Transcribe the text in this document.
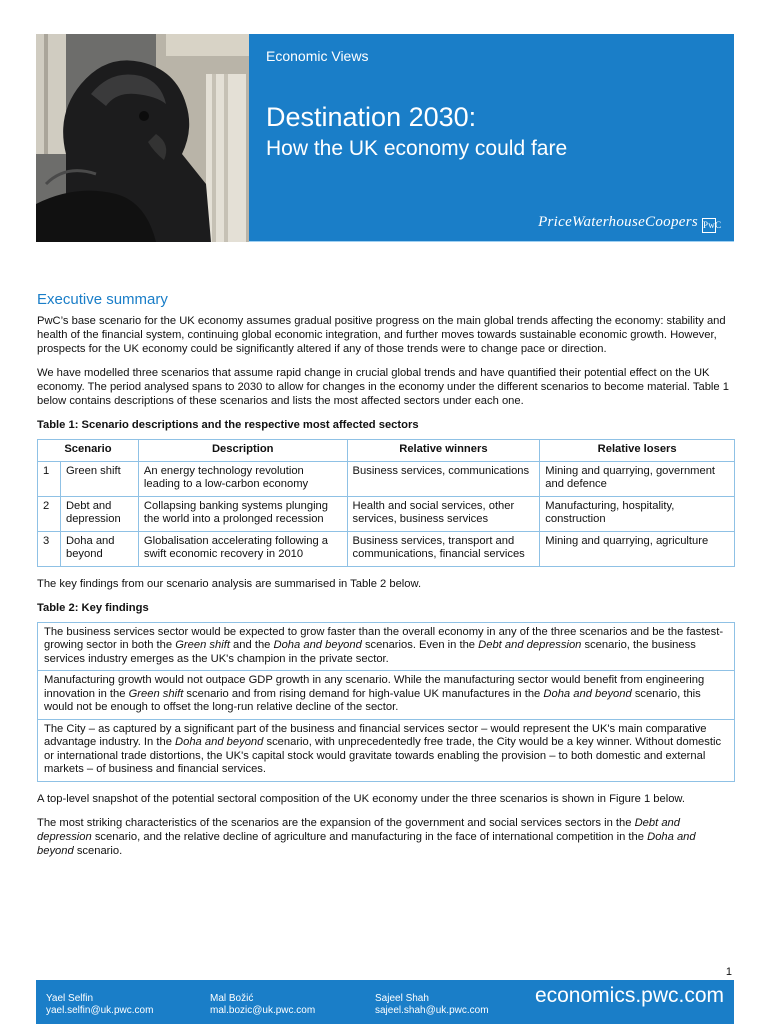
Economic Views
Destination 2030:
How the UK economy could fare
PriceWaterhouseCoopers PwC
Executive summary

PwC’s base scenario for the UK economy assumes gradual positive progress on the main global trends affecting the economy: stability and health of the financial system, continuing global economic integration, and further moves towards sustainable economic growth. However, prospects for the UK economy could be significantly altered if any of those trends were to change pace or direction.

We have modelled three scenarios that assume rapid change in crucial global trends and have quantified their potential effect on the UK economy. The period analysed spans to 2030 to allow for changes in the economy under the different scenarios to become material. Table 1 below contains descriptions of these scenarios and lists the most affected sectors under each one.

Table 1: Scenario descriptions and the respective most affected sectors
Scenario		Description	Relative winners	Relative losers
1	Green shift	An energy technology revolution leading to a low-carbon economy	Business services, communications	Mining and quarrying, government and defence
2	Debt and depression	Collapsing banking systems plunging the world into a prolonged recession	Health and social services, other services, business services	Manufacturing, hospitality, construction
3	Doha and beyond	Globalisation accelerating following a swift economic recovery in 2010	Business services, transport and communications, financial services	Mining and quarrying, agriculture

The key findings from our scenario analysis are summarised in Table 2 below.

Table 2: Key findings
The business services sector would be expected to grow faster than the overall economy in any of the three scenarios and be the fastest-growing sector in both the Green shift and the Doha and beyond scenarios. Even in the Debt and depression scenario, the business services industry emerges as the UK's champion in the private sector.
Manufacturing growth would not outpace GDP growth in any scenario. While the manufacturing sector would benefit from engineering innovation in the Green shift scenario and from rising demand for high-value UK manufactures in the Doha and beyond scenario, this would not be enough to offset the long-run relative decline of the sector.
The City – as captured by a significant part of the business and financial services sector – would represent the UK's main comparative advantage industry. In the Doha and beyond scenario, with unprecedentedly free trade, the City would be a key winner. Without domestic or international trade distortions, the UK's capital stock would gravitate towards enabling the provision – to both domestic and external markets – of business and financial services.

A top-level snapshot of the potential sectoral composition of the UK economy under the three scenarios is shown in Figure 1 below.

The most striking characteristics of the scenarios are the expansion of the government and social services sectors in the Debt and depression scenario, and the relative decline of agriculture and manufacturing in the face of international competition in the Doha and beyond scenario.

1
Yael Selfin
yael.selfin@uk.pwc.com
Mal Božić
mal.bozic@uk.pwc.com
Sajeel Shah
sajeel.shah@uk.pwc.com
economics.pwc.com
